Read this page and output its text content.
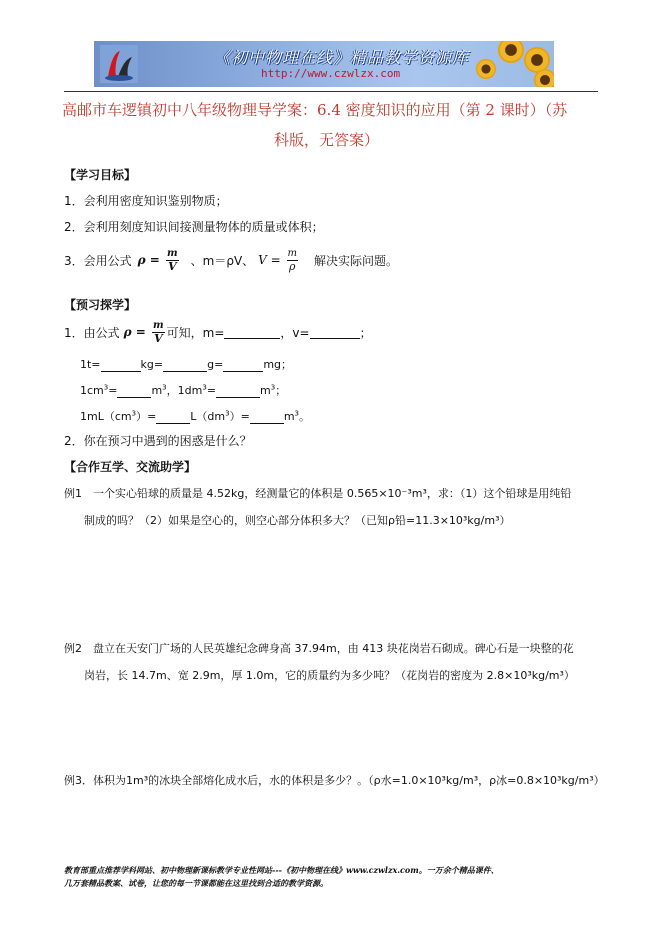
《初中物理在线》精品教学资源库
http://www.czwlzx.com
高邮市车逻镇初中八年级物理导学案：6.4 密度知识的应用（第 2 课时）（苏
科版，无答案）
【学习目标】
1．会利用密度知识鉴别物质；
2．会利用刻度知识间接测量物体的质量或体积；
3．会用公式 $\rho = \frac{m}{V}$ 、m＝ρV、 $V = \frac{m}{\rho}$ 解决实际问题。
【预习探学】
1．由公式 $\rho = \frac{m}{V}$ 可知，m=	，v=	；
1t=	kg=	g=	mg；
$1cm^3=$	$m^3$，$1dm^3=$	$m^3$；
$1mL(cm^3)=$	$L(dm^3)=$	$m^3$。
2．你在预习中遇到的困惑是什么？
【合作互学、交流助学】
例1　一个实心铅球的质量是 4.52kg，经测量它的体积是 0.565×10⁻³m³，求：（1）这个铅球是用纯铅
制成的吗？（2）如果是空心的，则空心部分体积多大？（已知ρ铅=11.3×10³kg/m³）
例2　盘立在天安门广场的人民英雄纪念碑身高 37.94m，由 413 块花岗岩石砌成。碑心石是一块整的花
岗岩，长 14.7m、宽 2.9m，厚 1.0m，它的质量约为多少吨？（花岗岩的密度为 2.8×10³kg/m³）
例3．体积为1m³的冰块全部熔化成水后，水的体积是多少？。（ρ水=1.0×10³kg/m³，ρ冰=0.8×10³kg/m³）
教育部重点推荐学科网站、初中物理新课标教学专业性网站---《初中物理在线》www.czwlzx.com。一万余个精品课件、
几万套精品教案、试卷，让您的每一节课都能在这里找到合适的教学资源。
